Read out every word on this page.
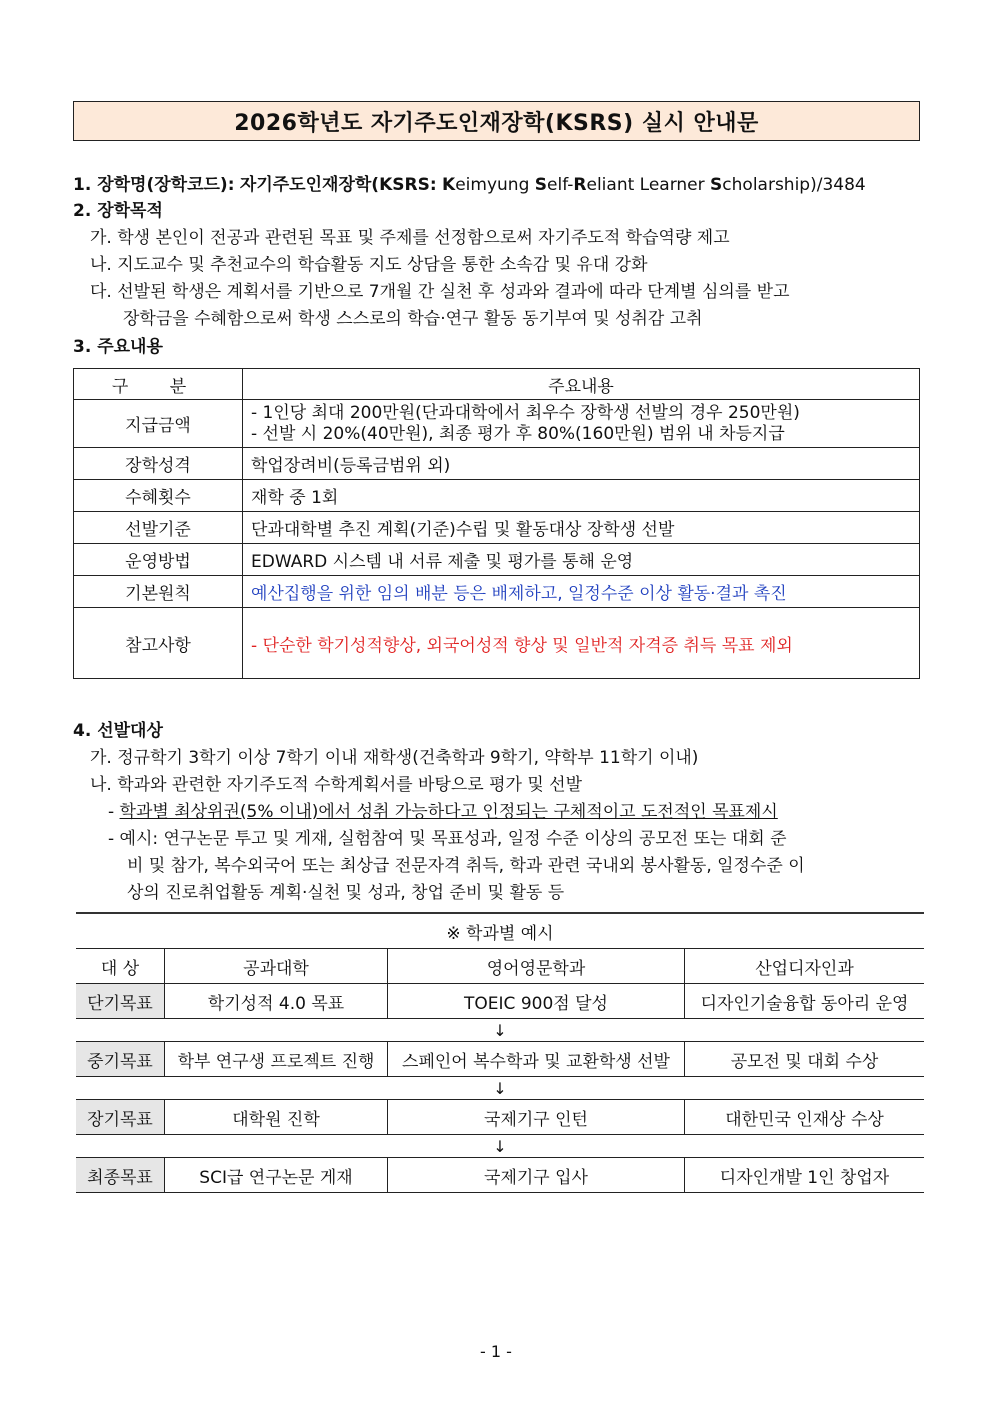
2026학년도 자기주도인재장학(KSRS) 실시 안내문
1. 장학명(장학코드): 자기주도인재장학(KSRS: Keimyung Self-Reliant Learner Scholarship)/3484
2. 장학목적
가. 학생 본인이 전공과 관련된 목표 및 주제를 선정함으로써 자기주도적 학습역량 제고
나. 지도교수 및 추천교수의 학습활동 지도 상담을 통한 소속감 및 유대 강화
다. 선발된 학생은 계획서를 기반으로 7개월 간 실천 후 성과와 결과에 따라 단계별 심의를 받고
장학금을 수혜함으로써 학생 스스로의 학습·연구 활동 동기부여 및 성취감 고취
3. 주요내용
구 분	주요내용
지급금액	- 1인당 최대 200만원(단과대학에서 최우수 장학생 선발의 경우 250만원)
- 선발 시 20%(40만원), 최종 평가 후 80%(160만원) 범위 내 차등지급

장학성격	학업장려비(등록금범위 외)
수혜횟수	재학 중 1회
선발기준	단과대학별 추진 계획(기준)수립 및 활동대상 장학생 선발
운영방법	EDWARD 시스템 내 서류 제출 및 평가를 통해 운영
기본원칙	예산집행을 위한 임의 배분 등은 배제하고, 일정수준 이상 활동·결과 촉진
참고사항	- 단순한 학기성적향상, 외국어성적 향상 및 일반적 자격증 취득 목표 제외
4. 선발대상
가. 정규학기 3학기 이상 7학기 이내 재학생(건축학과 9학기, 약학부 11학기 이내)
나. 학과와 관련한 자기주도적 수학계획서를 바탕으로 평가 및 선발
- 학과별 최상위권(5% 이내)에서 성취 가능하다고 인정되는 구체적이고 도전적인 목표제시
- 예시: 연구논문 투고 및 게재, 실험참여 및 목표성과, 일정 수준 이상의 공모전 또는 대회 준
비 및 참가, 복수외국어 또는 최상급 전문자격 취득, 학과 관련 국내외 봉사활동, 일정수준 이
상의 진로취업활동 계획·실천 및 성과, 창업 준비 및 활동 등
※ 학과별 예시			
대 상	공과대학	영어영문학과	산업디자인과
단기목표	학기성적 4.0 목표	TOEIC 900점 달성	디자인기술융합 동아리 운영
↓			
중기목표	학부 연구생 프로젝트 진행	스페인어 복수학과 및 교환학생 선발	공모전 및 대회 수상
↓			
장기목표	대학원 진학	국제기구 인턴	대한민국 인재상 수상
↓			
최종목표	SCI급 연구논문 게재	국제기구 입사	디자인개발 1인 창업자
- 1 -
